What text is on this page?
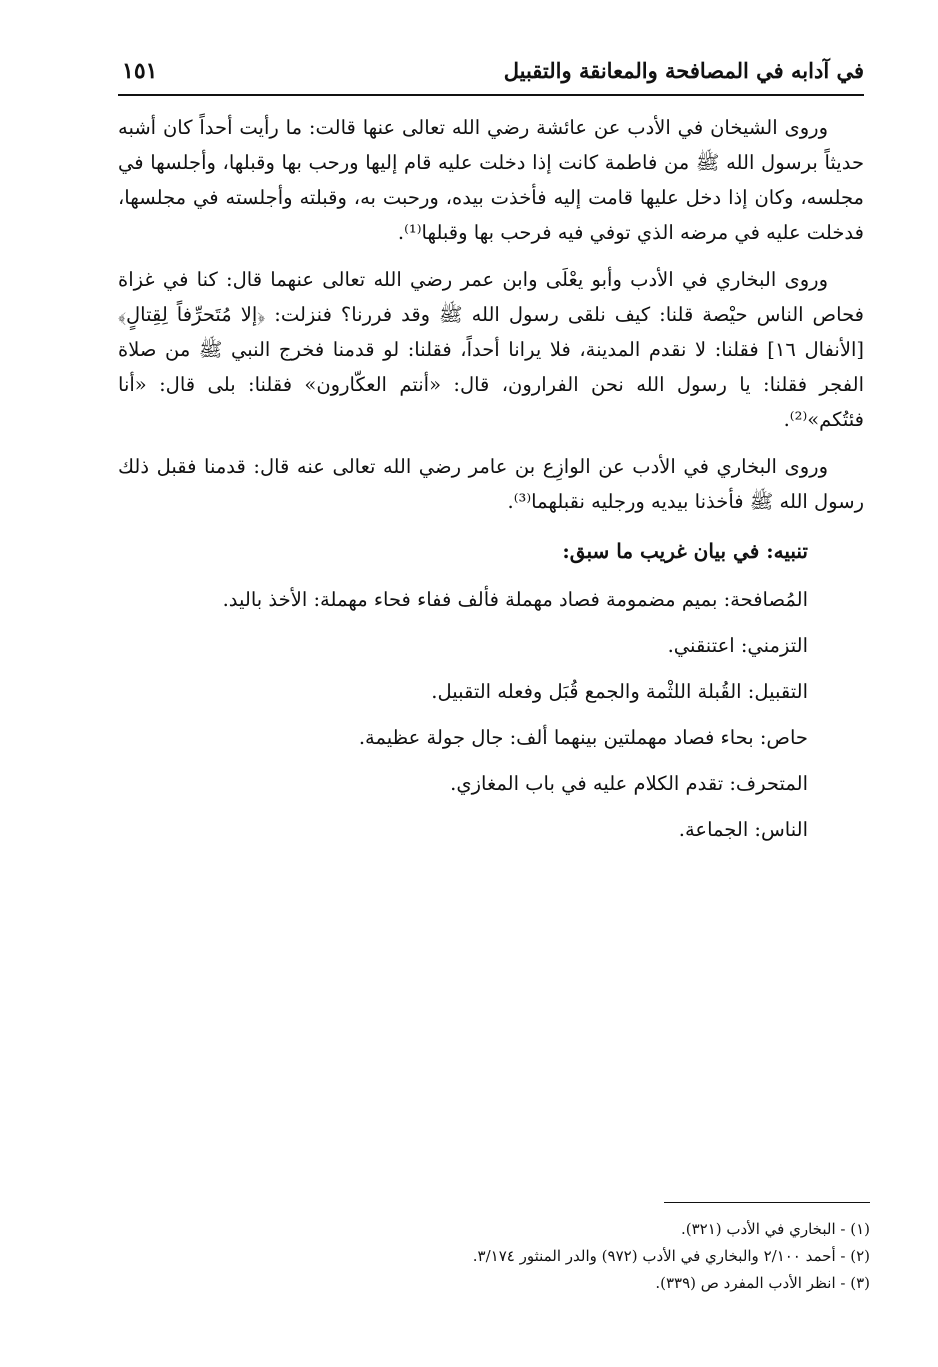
في آدابه في المصافحة والمعانقة والتقبيل
١٥١

وروى الشيخان في الأدب عن عائشة رضي الله تعالى عنها قالت: ما رأيت أحداً كان أشبه حديثاً برسول الله ﷺ من فاطمة كانت إذا دخلت عليه قام إليها ورحب بها وقبلها، وأجلسها في مجلسه، وكان إذا دخل عليها قامت إليه فأخذت بيده، ورحبت به، وقبلته وأجلسته في مجلسها، فدخلت عليه في مرضه الذي توفي فيه فرحب بها وقبلها⁽¹⁾.

وروى البخاري في الأدب وأبو يعْلَى وابن عمر رضي الله تعالى عنهما قال: كنا في غزاة فحاص الناس حيْصة قلنا: كيف نلقى رسول الله ﷺ وقد فررنا؟ فنزلت: ﴿إلا مُتَحرِّفاً لِقِتالٍ﴾ [الأنفال ١٦] فقلنا: لا نقدم المدينة، فلا يرانا أحداً، فقلنا: لو قدمنا فخرج النبي ﷺ من صلاة الفجر فقلنا: يا رسول الله نحن الفرارون، قال: «أنتم العكّارون» فقلنا: بلى قال: «أنا فئتُكم»⁽²⁾.

وروى البخاري في الأدب عن الوازِع بن عامر رضي الله تعالى عنه قال: قدمنا فقبل ذلك رسول الله ﷺ فأخذنا بيديه ورجليه نقبلهما⁽³⁾.

تنبيه: في بيان غريب ما سبق:
المُصافحة: بميم مضمومة فصاد مهملة فألف ففاء فحاء مهملة: الأخذ باليد.
التزمني: اعتنقني.
التقبيل: القُبلة اللثْمة والجمع قُبَل وفعله التقبيل.
حاص: بحاء فصاد مهملتين بينهما ألف: جال جولة عظيمة.
المتحرف: تقدم الكلام عليه في باب المغازي.
الناس: الجماعة.
(١) - البخاري في الأدب (٣٢١).
(٢) - أحمد ٢/١٠٠ والبخاري في الأدب (٩٧٢) والدر المنثور ٣/١٧٤.
(٣) - انظر الأدب المفرد ص (٣٣٩).
